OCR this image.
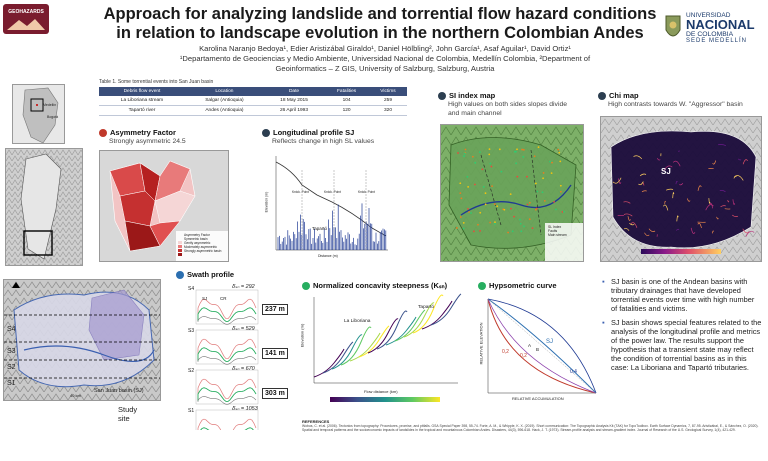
GEOHAZARDS	Approach for analyzing landslide and torrential flow hazard conditions
in relation to landscape evolution in the northern Colombian Andes
Karolina Naranjo Bedoya¹, Edier Aristizábal Giraldo¹, Daniel Hölbling², John García¹, Asaf Aguilar¹, David Ortiz¹
¹Departamento de Geociencias y Medio Ambiente, Universidad Nacional de Colombia, Medellín Colombia, ²Department of
Geoinformatics – Z GIS, University of Salzburg, Salzburg, Austria
UNIVERSIDAD
NACIONAL
DE COLOMBIA
SEDE MEDELLÍN
Medellín
Bogotá
S4
S3
S2
S1
San Juan basin (SJ)
40 km
Study site
Table 1. Some torrential events into San Juan basin
Debris flow event	Location	Date	Fatalities	Victims
La Liboriana stream	Salgar (Antioquia)	18 May 2015	104	259
Tapartó river	Andes (Antioquia)	26 April 1993	120	320
Asymmetry Factor
Strongly asymmetric 24.5
Asymmetry Factor
Symmetric basin
Gently asymmetric
Moderately asymmetric
Strongly asymmetric basin
Longitudinal profile SJ
Reflects change in high SL values
Knick. Point	Knick. Point	Knick. Point
Tapartó
Distance (m)
Elevation (m)
SI index map
High values on both sides slopes divide
and main channel
SL Index
Faults
Main stream
Chi map
High contrasts towards W. "Aggressor" basin
SJ
Swath profile
δ̄ₛₙ = 292
δ̄ₛₙ = 529
δ̄ₛₙ = 670
δ̄ₛₙ = 1053
237 m
141 m
303 m
S4
S3
S2
S1
SJ	CR
Normalized concavity steepness (Kₛₙ)
Tapartó
La Liboriana
Flow distance (km)
Elevation (m)
Hypsometric curve
0,2
0,2
0,4
SJ
A
B
RELATIVE ACCUMULATION
RELATIVE ELEVATION
▪ SJ basin is one of the Andean basins with tributary drainages that have developed torrential events over time with high number of fatalities and victims.
▪ SJ basin shows special features related to the analysis of the longitudinal profile and metrics of the power law. The results support the hypothesis that a transient state may reflect the condition of torrential basins as in this case: La Liboriana and Tapartó tributaries.
REFERENCES
Wobus, C. et al. (2006). Tectonics from topography: Procedures, promise, and pitfalls. GSA Special Paper 398, 55-74. Forte, A. M., & Whipple, K. X. (2019). Short communication: The Topographic Analysis Kit (TAK) for TopoToolbox. Earth Surface Dynamics, 7, 87-95. Aristizábal, E., & Sánchez, O. (2020). Spatial and temporal patterns and the socioeconomic impacts of landslides in the tropical and mountainous Colombian Andes. Disasters, 44(3), 596-618. Hack, J. T. (1973). Stream-profile analysis and stream-gradient index. Journal of Research of the U.S. Geological Survey, 1(4), 421-429.
